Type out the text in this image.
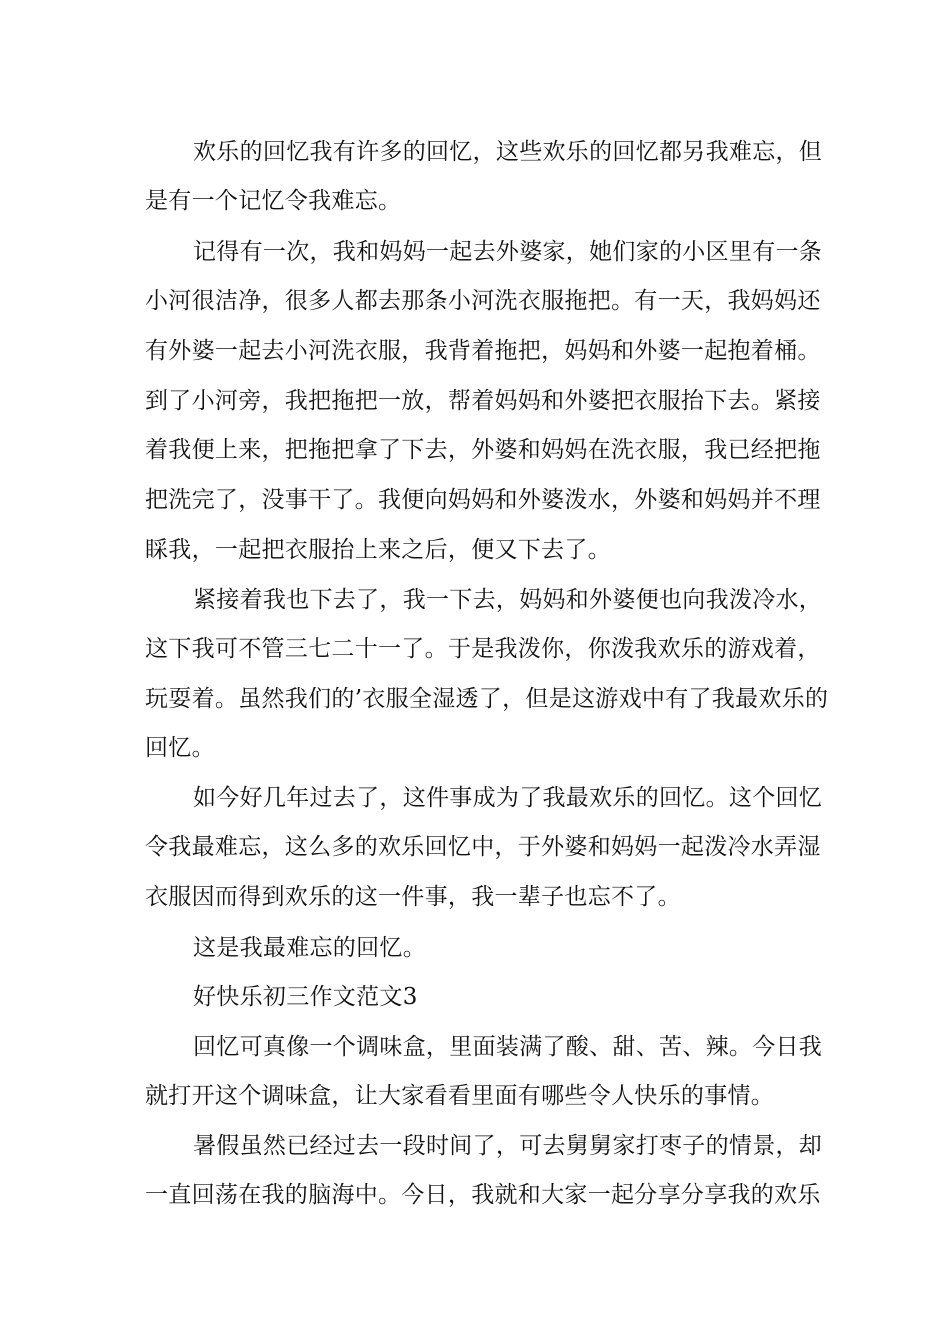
欢乐的回忆我有许多的回忆，这些欢乐的回忆都另我难忘，但

是有一个记忆令我难忘。

记得有一次，我和妈妈一起去外婆家，她们家的小区里有一条

小河很洁净，很多人都去那条小河洗衣服拖把。有一天，我妈妈还

有外婆一起去小河洗衣服，我背着拖把，妈妈和外婆一起抱着桶。

到了小河旁，我把拖把一放，帮着妈妈和外婆把衣服抬下去。紧接

着我便上来，把拖把拿了下去，外婆和妈妈在洗衣服，我已经把拖

把洗完了，没事干了。我便向妈妈和外婆泼水，外婆和妈妈并不理

睬我，一起把衣服抬上来之后，便又下去了。

紧接着我也下去了，我一下去，妈妈和外婆便也向我泼冷水，

这下我可不管三七二十一了。于是我泼你，你泼我欢乐的游戏着，

玩耍着。虽然我们的’衣服全湿透了，但是这游戏中有了我最欢乐的

回忆。

如今好几年过去了，这件事成为了我最欢乐的回忆。这个回忆

令我最难忘，这么多的欢乐回忆中，于外婆和妈妈一起泼冷水弄湿

衣服因而得到欢乐的这一件事，我一辈子也忘不了。

这是我最难忘的回忆。

好快乐初三作文范文3

回忆可真像一个调味盒，里面装满了酸、甜、苦、辣。今日我

就打开这个调味盒，让大家看看里面有哪些令人快乐的事情。

暑假虽然已经过去一段时间了，可去舅舅家打枣子的情景，却

一直回荡在我的脑海中。今日，我就和大家一起分享分享我的欢乐
